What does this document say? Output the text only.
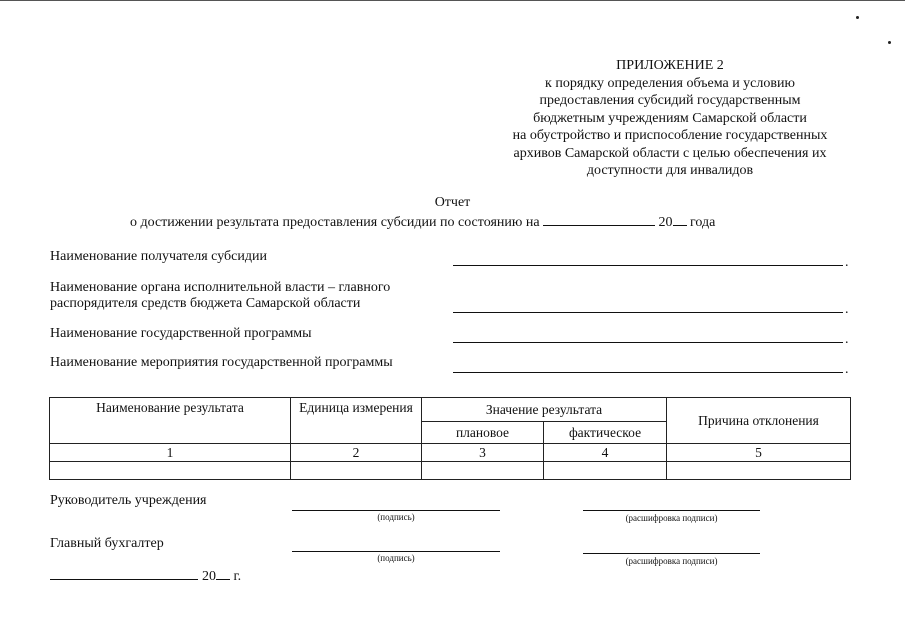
ПРИЛОЖЕНИЕ 2
к порядку определения объема и условию
предоставления субсидий государственным
бюджетным учреждениям Самарской области
на обустройство и приспособление государственных
архивов Самарской области с целью обеспечения их
доступности для инвалидов
Отчет
о достижении результата предоставления субсидии по состоянию на	20 года
Наименование получателя субсидии	.
Наименование органа исполнительной власти – главного
распорядителя средств бюджета Самарской области	.
Наименование государственной программы	.
Наименование мероприятия государственной программы	.
Наименование результата	Единица измерения	Значение результата		Причина отклонения
		плановое	фактическое	
1	2	3	4	5

Руководитель учреждения
(подпись)	(расшифровка подписи)
Главный бухгалтер
(подпись)	(расшифровка подписи)
20 г.
